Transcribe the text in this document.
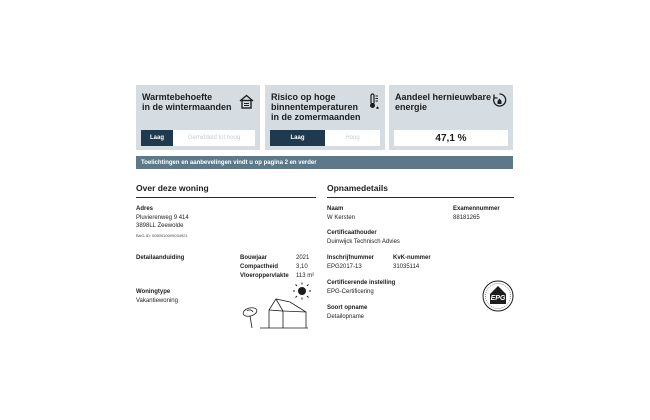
Warmtebehoefte
in de wintermaanden
Laag	Gemiddeld tot hoog
Risico op hoge
binnentemperaturen
in de zomermaanden
Laag	Hoog
Aandeel hernieuwbare
energie
47,1 %
Toelichtingen en aanbevelingen vindt u op pagina 2 en verder
Over deze woning
Adres
Pluvierenweg 9 414
3898LL Zeewolde
BAG-ID: 0050010000034921
Detailaanduiding	Bouwjaar	2021
Compactheid	3,10
Vloeroppervlakte 113 m²
Woningtype
Vakantiewoning
Opnamedetails
Naam
W Kersten
Examennummer
88181265
Certificaathouder
Duinwijck Technisch Advies
Inschrijfnummer
EPG2017-13
KvK-nummer
31035114
Certificerende instelling
EPG-Certificering
Soort opname
Detailopname
EPG
